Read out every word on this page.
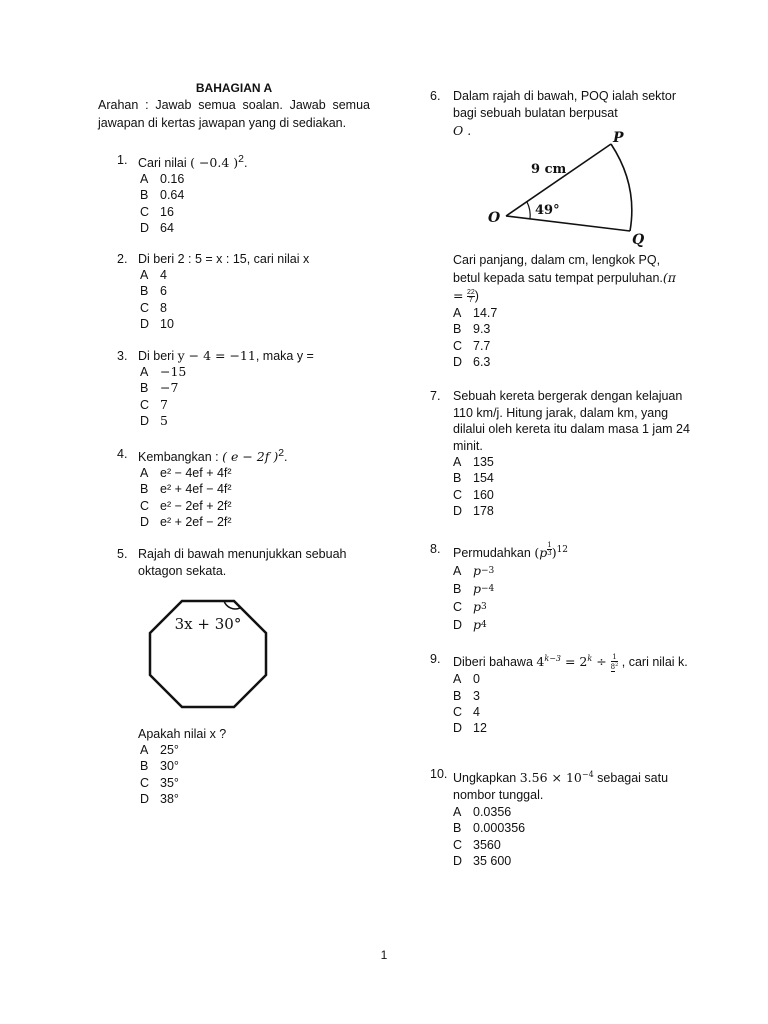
BAHAGIAN A
Arahan : Jawab semua soalan. Jawab semua jawapan di kertas jawapan yang di sediakan.
1. Cari nilai ( −0.4 )$^2$.
A 0.16
B 0.64
C 16
D 64
2. Di beri 2 : 5 = x : 15, cari nilai x
A 4
B 6
C 8
D 10
3. Di beri y − 4 = −11, maka y =
A −15
B −7
C 7
D 5
4. Kembangkan : ( e − 2f )$^2$.
A e² − 4ef + 4f²
B e² + 4ef − 4f²
C e² − 2ef + 2f²
D e² + 2ef − 2f²
5. Rajah di bawah menunjukkan sebuah oktagon sekata.
3x + 30°
Apakah nilai x ?
A 25°
B 30°
C 35°
D 38°
6.	Dalam rajah di bawah, POQ ialah sektor bagi sebuah bulatan berpusat
O .	P
O
Q
9 cm
49°
Cari panjang, dalam cm, lengkok PQ, betul kepada satu tempat perpuluhan.(π = $\frac{22}{7}$ )
A 14.7
B 9.3
C 7.7
D 6.3
7.	Sebuah kereta bergerak dengan kelajuan 110 km/j. Hitung jarak, dalam km, yang dilalui oleh kereta itu dalam masa 1 jam 24 minit.
A 135
B 154
C 160
D 178
8.	Permudahkan (p $^{\frac{1}{3}}$ )$^{12}$
A p −3
B p −4
C p 3
D p 4
9.	Diberi bahawa $4^{k-3} = 2^k \div \frac{1}{8^2}$ , cari nilai k.
A 0
B 3
C 4
D 12
10. Ungkapkan $3.56 \times 10^{-4}$ sebagai satu nombor tunggal.
A 0.0356
B 0.000356
C 3560
D 35 600
1
